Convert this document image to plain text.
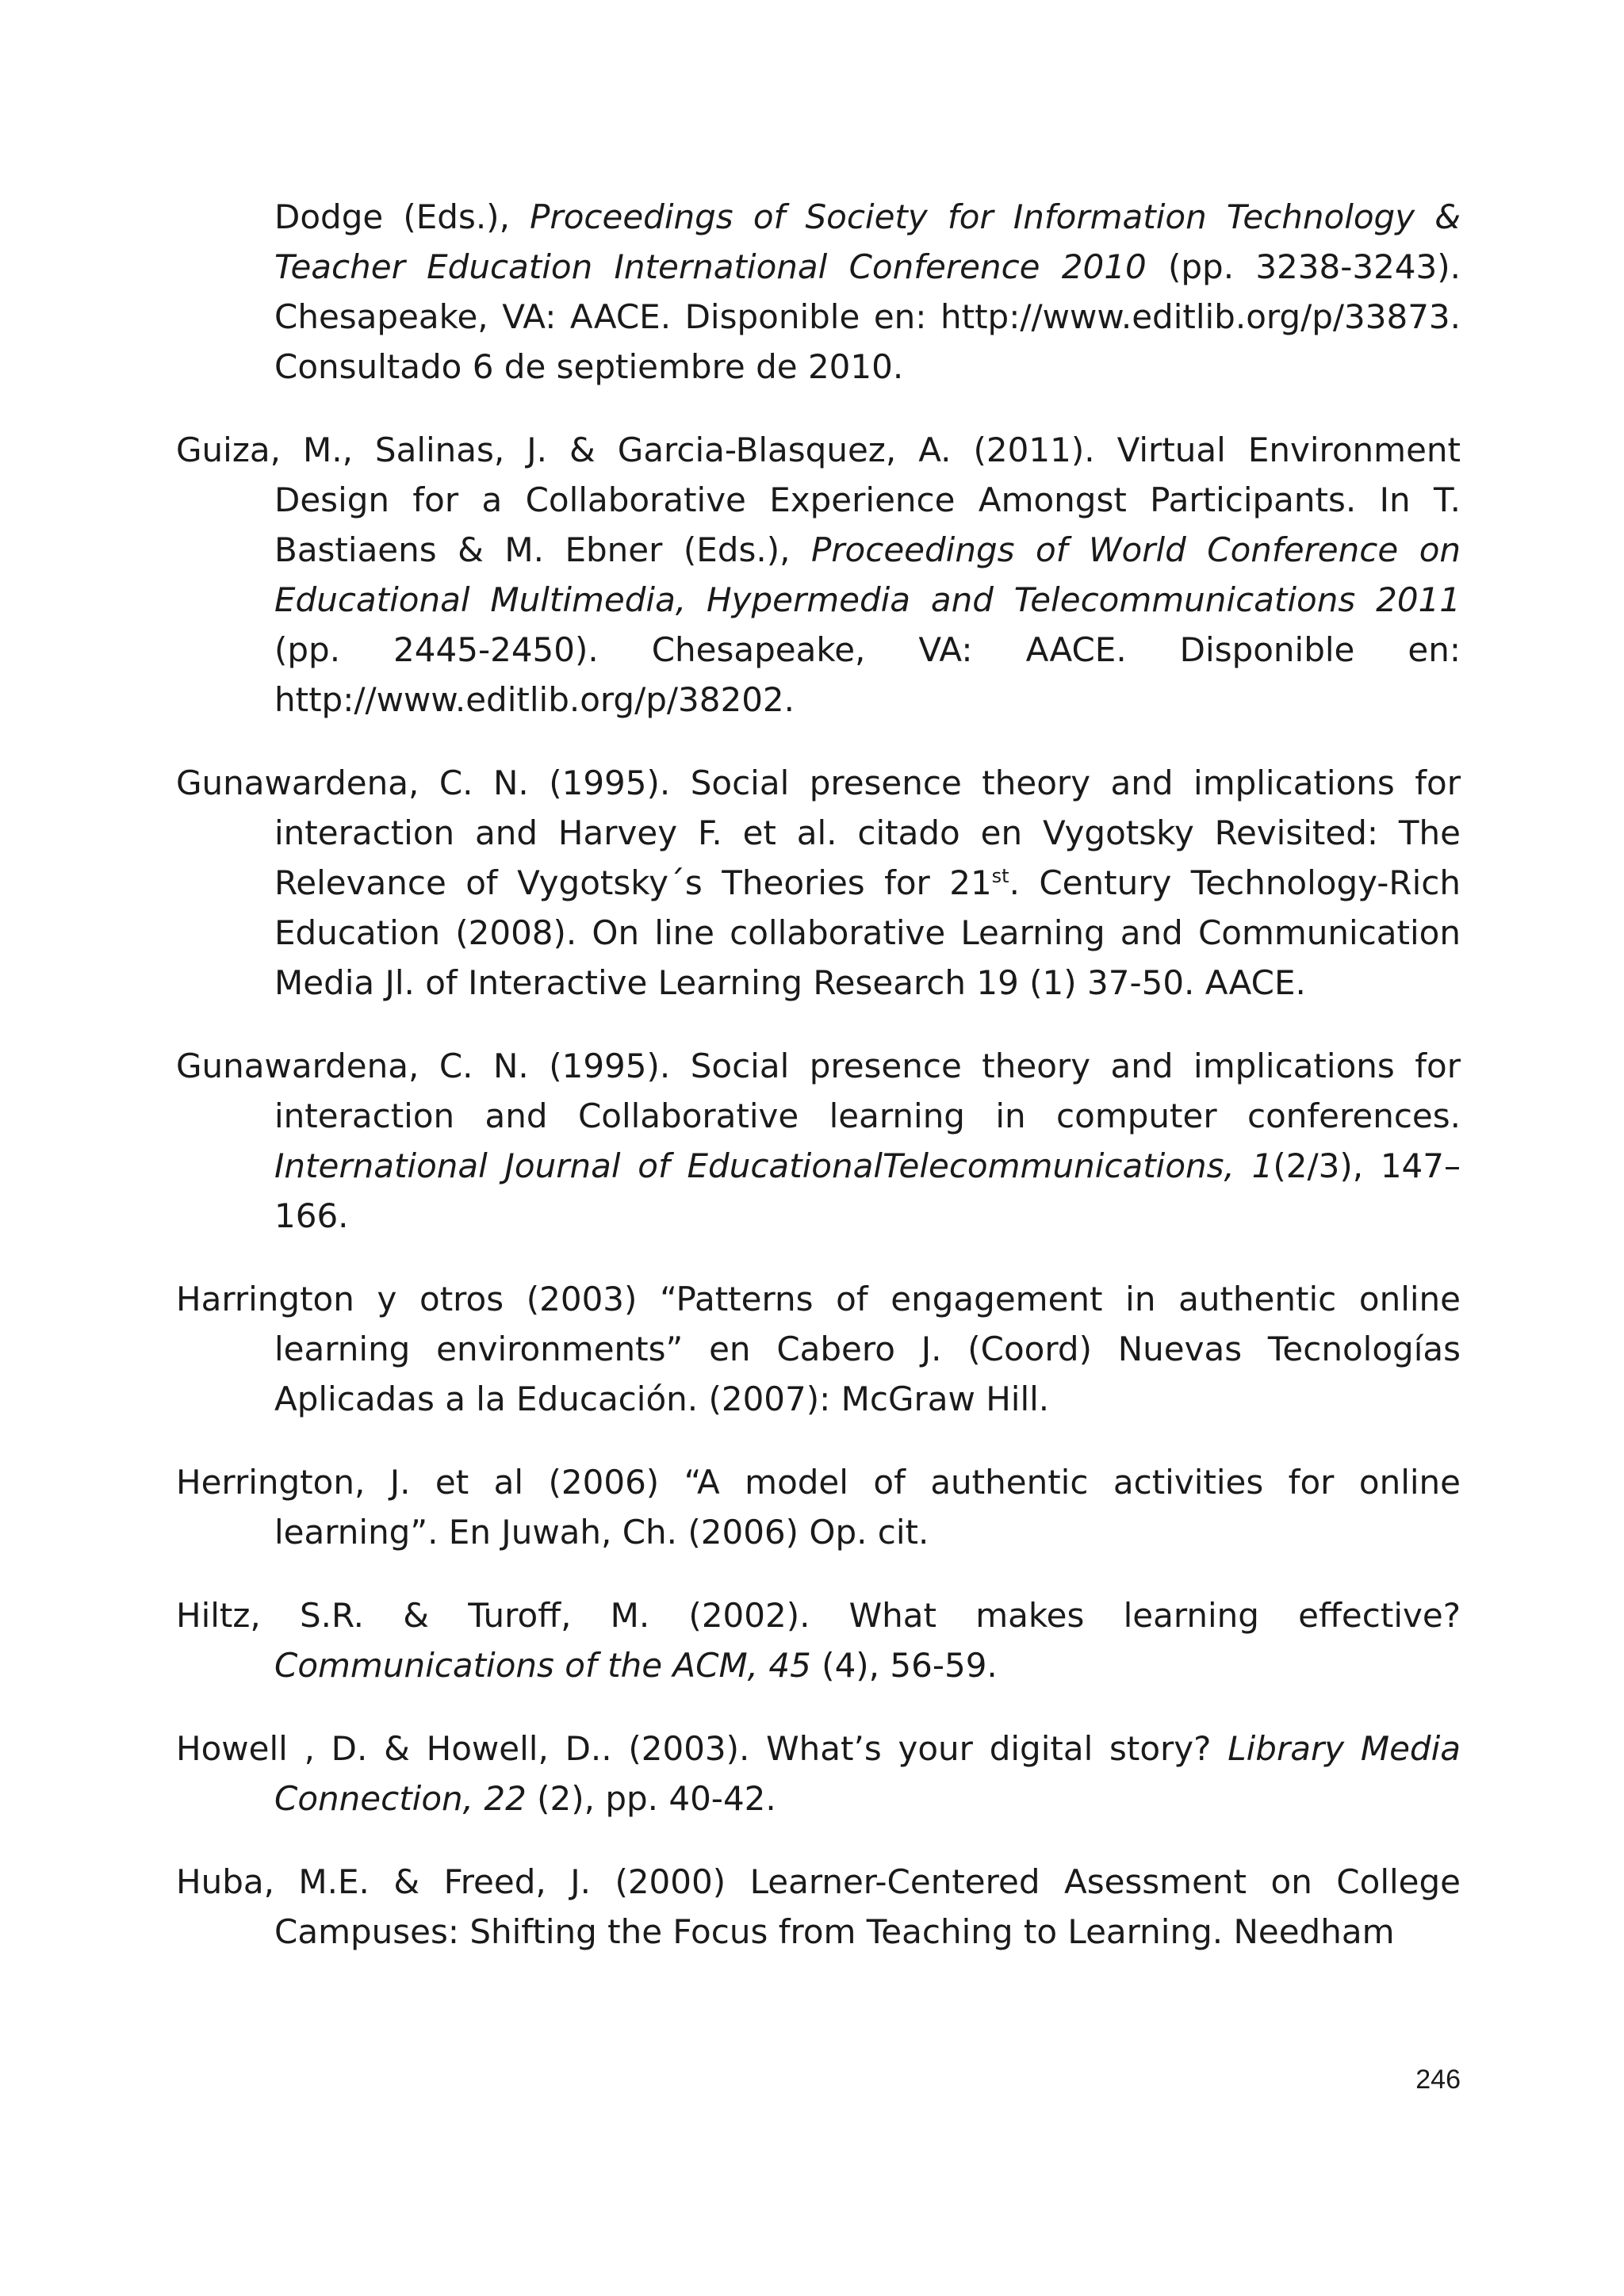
Dodge (Eds.), Proceedings of Society for Information Technology & Teacher Education International Conference 2010 (pp. 3238-3243). Chesapeake, VA: AACE. Disponible en: http://www.editlib.org/p/33873. Consultado 6 de septiembre de 2010.

Guiza, M., Salinas, J. & Garcia-Blasquez, A. (2011). Virtual Environment Design for a Collaborative Experience Amongst Participants. In T. Bastiaens & M. Ebner (Eds.), Proceedings of World Conference on Educational Multimedia, Hypermedia and Telecommunications 2011 (pp. 2445-2450). Chesapeake, VA: AACE. Disponible en: http://www.editlib.org/p/38202.

Gunawardena, C. N. (1995). Social presence theory and implications for interaction and Harvey F. et al. citado en Vygotsky Revisited: The Relevance of Vygotsky´s Theories for 21st. Century Technology-Rich Education (2008). On line collaborative Learning and Communication Media Jl. of Interactive Learning Research 19 (1) 37-50. AACE.

Gunawardena, C. N. (1995). Social presence theory and implications for interaction and Collaborative learning in computer conferences. International Journal of EducationalTelecommunications, 1(2/3), 147–166.

Harrington y otros (2003) “Patterns of engagement in authentic online learning environments” en Cabero J. (Coord) Nuevas Tecnologías Aplicadas a la Educación. (2007): McGraw Hill.

Herrington, J. et al (2006) “A model of authentic activities for online learning”. En Juwah, Ch. (2006) Op. cit.

Hiltz, S.R. & Turoff, M. (2002). What makes learning effective? Communications of the ACM, 45 (4), 56-59.

Howell , D. & Howell, D.. (2003). What’s your digital story? Library Media Connection, 22 (2), pp. 40-42.

Huba, M.E. & Freed, J. (2000) Learner-Centered Asessment on College Campuses: Shifting the Focus from Teaching to Learning. Needham

246
